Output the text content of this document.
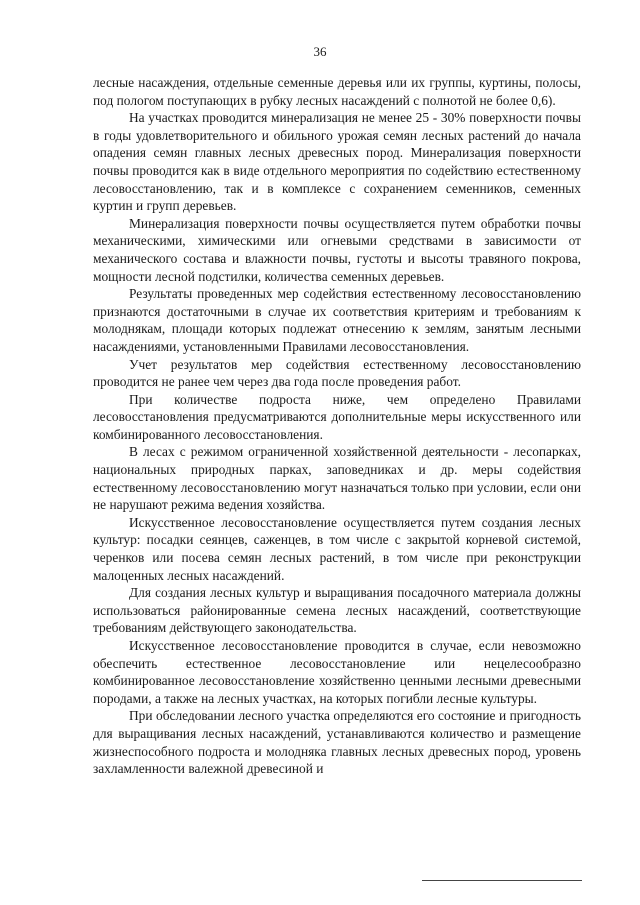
36

лесные насаждения, отдельные семенные деревья или их группы, куртины, полосы, под пологом поступающих в рубку лесных насаждений с полнотой не более 0,6).

На участках проводится минерализация не менее 25 - 30% поверхности почвы в годы удовлетворительного и обильного урожая семян лесных растений до начала опадения семян главных лесных древесных пород. Минерализация поверхности почвы проводится как в виде отдельного мероприятия по содействию естественному лесовосстановлению, так и в комплексе с сохранением семенников, семенных куртин и групп деревьев.

Минерализация поверхности почвы осуществляется путем обработки почвы механическими, химическими или огневыми средствами в зависимости от механического состава и влажности почвы, густоты и высоты травяного покрова, мощности лесной подстилки, количества семенных деревьев.

Результаты проведенных мер содействия естественному лесовосстановлению признаются достаточными в случае их соответствия критериям и требованиям к молоднякам, площади которых подлежат отнесению к землям, занятым лесными насаждениями, установленными Правилами лесовосстановления.

Учет результатов мер содействия естественному лесовосстановлению проводится не ранее чем через два года после проведения работ.

При количестве подроста ниже, чем определено Правилами лесовосстановления предусматриваются дополнительные меры искусственного или комбинированного лесовосстановления.

В лесах с режимом ограниченной хозяйственной деятельности - лесопарках, национальных природных парках, заповедниках и др. меры содействия естественному лесовосстановлению могут назначаться только при условии, если они не нарушают режима ведения хозяйства.

Искусственное лесовосстановление осуществляется путем создания лесных культур: посадки сеянцев, саженцев, в том числе с закрытой корневой системой, черенков или посева семян лесных растений, в том числе при реконструкции малоценных лесных насаждений.

Для создания лесных культур и выращивания посадочного материала должны использоваться районированные семена лесных насаждений, соответствующие требованиям действующего законодательства.

Искусственное лесовосстановление проводится в случае, если невозможно обеспечить естественное лесовосстановление или нецелесообразно комбинированное лесовосстановление хозяйственно ценными лесными древесными породами, а также на лесных участках, на которых погибли лесные культуры.

При обследовании лесного участка определяются его состояние и пригодность для выращивания лесных насаждений, устанавливаются количество и размещение жизнеспособного подроста и молодняка главных лесных древесных пород, уровень захламленности валежной древесиной и
